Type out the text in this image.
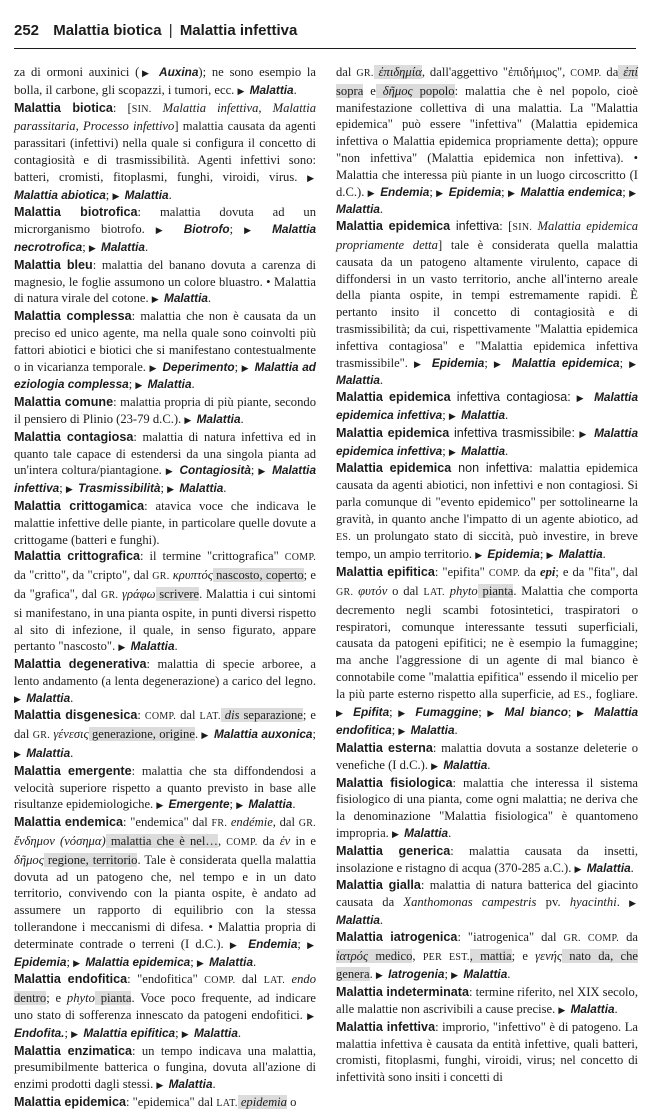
252 Malattia biotica | Malattia infettiva

za di ormoni auxinici (▶ Auxina); ne sono esempio la bolla, il carbone, gli scopazzi, i tumori, ecc. ▶ Malattia.

Malattia biotica: [SIN. Malattia infettiva, Malattia parassitaria, Processo infettivo] malattia causata da agenti parassitari (infettivi) nella quale si configura il concetto di contagiosità e di trasmissibilità. Agenti infettivi sono: batteri, cromisti, fitoplasmi, funghi, viroidi, virus. ▶ Malattia abiotica; ▶ Malattia.

Malattia biotrofica: malattia dovuta ad un microrganismo biotrofo. ▶ Biotrofo; ▶ Malattia necrotrofica; ▶ Malattia.

Malattia bleu: malattia del banano dovuta a carenza di magnesio, le foglie assumono un colore bluastro. • Malattia di natura virale del cotone. ▶ Malattia.

Malattia complessa: malattia che non è causata da un preciso ed unico agente, ma nella quale sono coinvolti più fattori abiotici e biotici che si manifestano contestualmente o in vicarianza temporale. ▶ Deperimento; ▶ Malattia ad eziologia complessa; ▶ Malattia.

Malattia comune: malattia propria di più piante, secondo il pensiero di Plinio (23-79 d.C.). ▶ Malattia.

Malattia contagiosa: malattia di natura infettiva ed in quanto tale capace di estendersi da una singola pianta ad un'intera coltura/piantagione. ▶ Contagiosità; ▶ Malattia infettiva; ▶ Trasmissibilità; ▶ Malattia.

Malattia crittogamica: atavica voce che indicava le malattie infettive delle piante, in particolare quelle dovute a crittogame (batteri e funghi).

Malattia crittografica: il termine "crittografica" COMP. da "critto", da "cripto", dal GR. κρυπτός nascosto, coperto; e da "grafica", dal GR. γράφω scrivere. Malattia i cui sintomi si manifestano, in una pianta ospite, in punti diversi rispetto al sito di infezione, il quale, in senso figurato, appare pertanto "nascosto". ▶ Malattia.

Malattia degenerativa: malattia di specie arboree, a lento andamento (a lenta degenerazione) a carico del legno. ▶ Malattia.

Malattia disgenesica: COMP. dal LAT. dis separazione; e dal GR. γένεσις generazione, origine. ▶ Malattia auxonica; ▶ Malattia.

Malattia emergente: malattia che sta diffondendosi a velocità superiore rispetto a quanto previsto in base alle risultanze epidemiologiche. ▶ Emergente; ▶ Malattia.

Malattia endemica: "endemica" dal FR. endémie, dal GR. ἔνδημον (νόσημα) malattia che è nel…, COMP. da ἐν in e δῆμος regione, territorio. Tale è considerata quella malattia dovuta ad un patogeno che, nel tempo e in un dato territorio, convivendo con la pianta ospite, è andato ad assumere un rapporto di equilibrio con la stessa tollerandone i meccanismi di difesa. • Malattia propria di determinate contrade o terreni (I d.C.). ▶ Endemia; ▶ Epidemia; ▶ Malattia epidemica; ▶ Malattia.

Malattia endofitica: "endofitica" COMP. dal LAT. endo dentro; e phyto pianta. Voce poco frequente, ad indicare uno stato di sofferenza innescato da patogeni endofitici. ▶ Endofita.; ▶ Malattia epifitica; ▶ Malattia.

Malattia enzimatica: un tempo indicava una malattia, presumibilmente batterica o fungina, dovuta all'azione di enzimi prodotti dagli stessi. ▶ Malattia.

Malattia epidemica: "epidemica" dal LAT. epidemia o

dal GR. ἐπιδημία, dall'aggettivo "ἐπιδήμιος", COMP. da ἐπί sopra e δῆμος popolo: malattia che è nel popolo, cioè manifestazione collettiva di una malattia. La "Malattia epidemica" può essere "infettiva" (Malattia epidemica infettiva o Malattia epidemica propriamente detta); oppure "non infettiva" (Malattia epidemica non infettiva). • Malattia che interessa più piante in un luogo circoscritto (I d.C.). ▶ Endemia; ▶ Epidemia; ▶ Malattia endemica; ▶ Malattia.

Malattia epidemica infettiva: [SIN. Malattia epidemica propriamente detta] tale è considerata quella malattia causata da un patogeno altamente virulento, capace di diffondersi in un vasto territorio, anche all'interno areale della pianta ospite, in tempi estremamente rapidi. È pertanto insito il concetto di contagiosità e di trasmissibilità; da cui, rispettivamente "Malattia epidemica infettiva contagiosa" e "Malattia epidemica infettiva trasmissibile". ▶ Epidemia; ▶ Malattia epidemica; ▶ Malattia.

Malattia epidemica infettiva contagiosa: ▶ Malattia epidemica infettiva; ▶ Malattia.

Malattia epidemica infettiva trasmissibile: ▶ Malattia epidemica infettiva; ▶ Malattia.

Malattia epidemica non infettiva: malattia epidemica causata da agenti abiotici, non infettivi e non contagiosi. Si parla comunque di "evento epidemico" per sottolinearne la gravità, in quanto anche l'impatto di un agente abiotico, ad ES. un prolungato stato di siccità, può investire, in breve tempo, un ampio territorio. ▶ Epidemia; ▶ Malattia.

Malattia epifitica: "epifita" COMP. da epi; e da "fita", dal GR. φυτόν o dal LAT. phyto pianta. Malattia che comporta decremento negli scambi fotosintetici, traspiratori o respiratori, comunque interessante tessuti superficiali, causata da patogeni epifitici; ne è esempio la fumaggine; ma anche l'aggressione di un agente di mal bianco è connotabile come "malattia epifitica" essendo il micelio per la più parte esterno rispetto alla superficie, ad ES., fogliare. ▶ Epifita; ▶ Fumaggine; ▶ Mal bianco; ▶ Malattia endofitica; ▶ Malattia.

Malattia esterna: malattia dovuta a sostanze deleterie o venefiche (I d.C.). ▶ Malattia.

Malattia fisiologica: malattia che interessa il sistema fisiologico di una pianta, come ogni malattia; ne deriva che la denominazione "Malattia fisiologica" è quantomeno impropria. ▶ Malattia.

Malattia generica: malattia causata da insetti, insolazione e ristagno di acqua (370-285 a.C.). ▶ Malattia.

Malattia gialla: malattia di natura batterica del giacinto causata da Xanthomonas campestris pv. hyacinthi. ▶ Malattia.

Malattia iatrogenica: "iatrogenica" dal GR. COMP. da ἰατρός medico, PER EST., mattia; e γενής nato da, che genera. ▶ Iatrogenia; ▶ Malattia.

Malattia indeterminata: termine riferito, nel XIX secolo, alle malattie non ascrivibili a cause precise. ▶ Malattia.

Malattia infettiva: improrio, "infettivo" è di patogeno. La malattia infettiva è causata da entità infettive, quali batteri, cromisti, fitoplasmi, funghi, viroidi, virus; nel concetto di infettività sono insiti i concetti di
